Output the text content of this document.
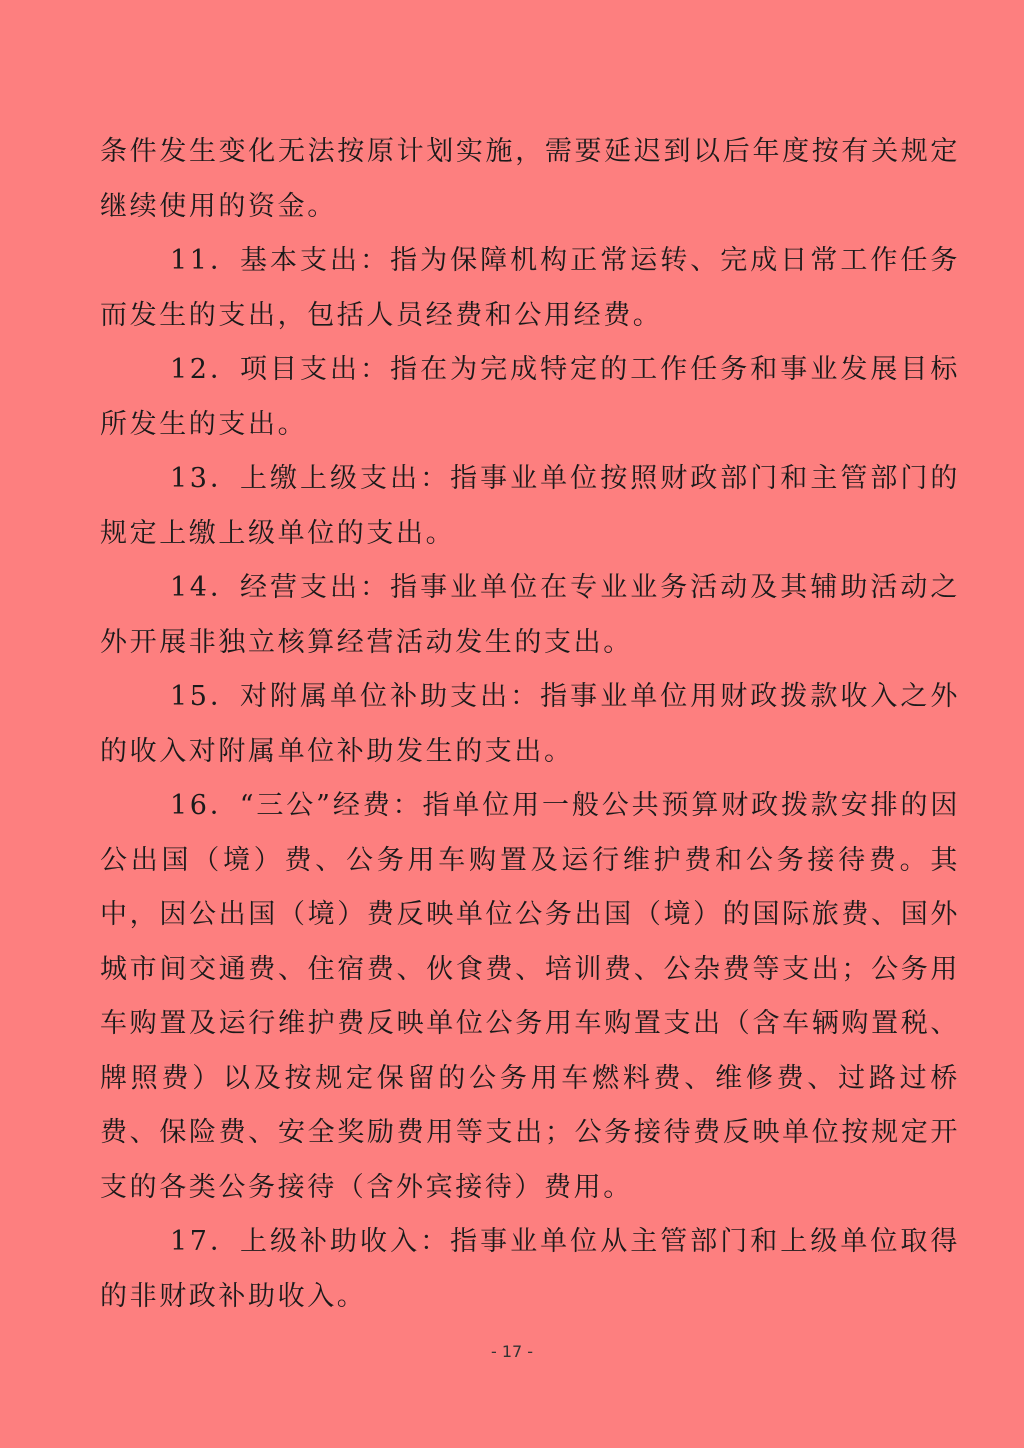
条件发生变化无法按原计划实施，需要延迟到以后年度按有关规定继续使用的资金。

11．基本支出：指为保障机构正常运转、完成日常工作任务而发生的支出，包括人员经费和公用经费。

12．项目支出：指在为完成特定的工作任务和事业发展目标所发生的支出。

13．上缴上级支出：指事业单位按照财政部门和主管部门的规定上缴上级单位的支出。

14．经营支出：指事业单位在专业业务活动及其辅助活动之外开展非独立核算经营活动发生的支出。

15．对附属单位补助支出：指事业单位用财政拨款收入之外的收入对附属单位补助发生的支出。

16．“三公”经费：指单位用一般公共预算财政拨款安排的因公出国（境）费、公务用车购置及运行维护费和公务接待费。其中，因公出国（境）费反映单位公务出国（境）的国际旅费、国外城市间交通费、住宿费、伙食费、培训费、公杂费等支出；公务用车购置及运行维护费反映单位公务用车购置支出（含车辆购置税、牌照费）以及按规定保留的公务用车燃料费、维修费、过路过桥费、保险费、安全奖励费用等支出；公务接待费反映单位按规定开支的各类公务接待（含外宾接待）费用。

17．上级补助收入：指事业单位从主管部门和上级单位取得的非财政补助收入。

- 17 -
